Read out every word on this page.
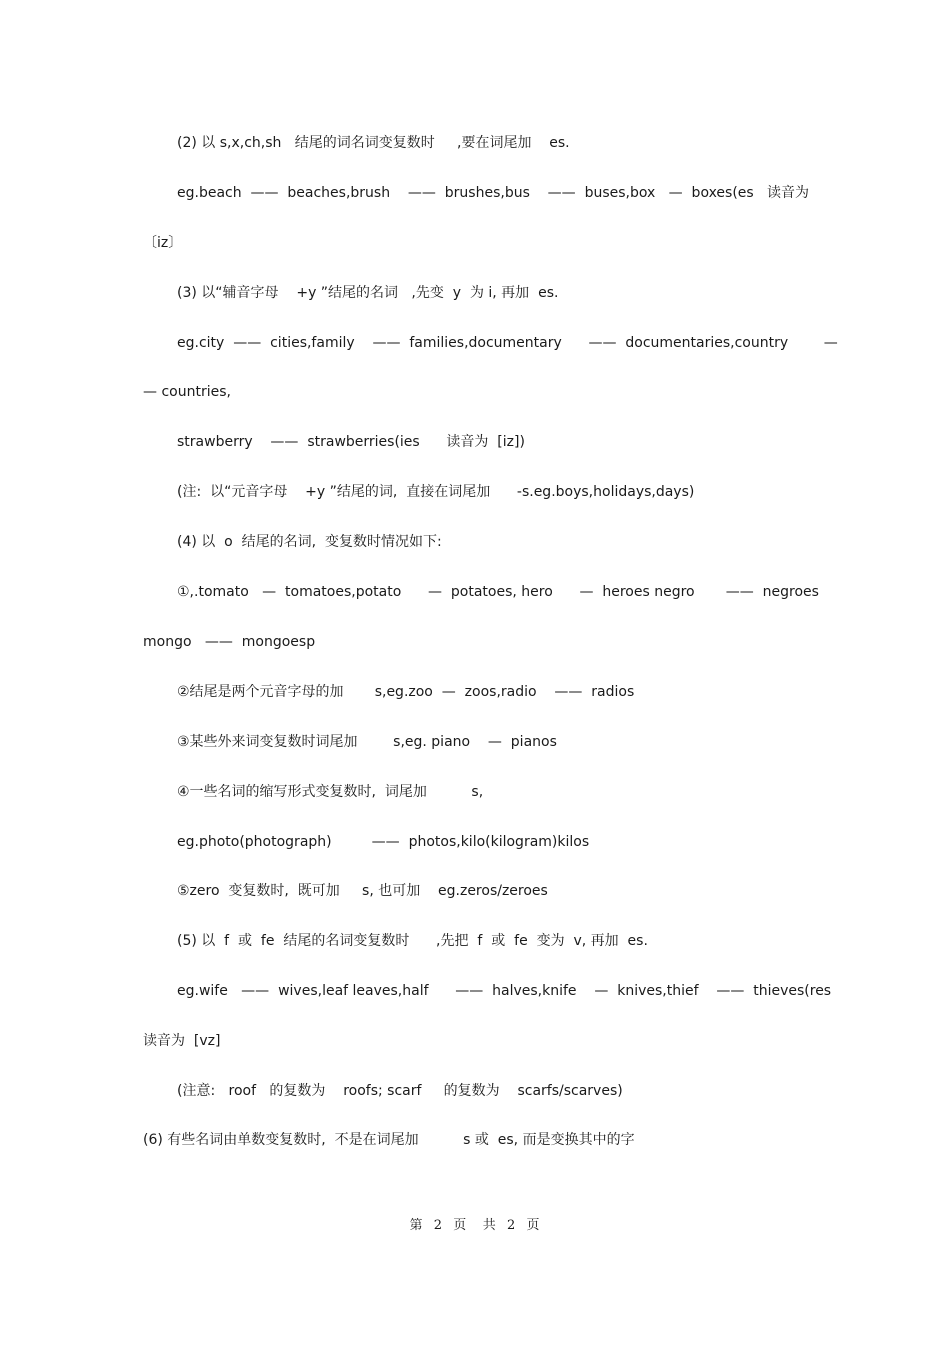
(2) 以 s,x,ch,sh   结尾的词名词变复数时     ,要在词尾加    es.

eg.beach  ——  beaches,brush    ——  brushes,bus    ——  buses,box   —  boxes(es   读音为

〔iz〕

(3) 以“辅音字母    +y ”结尾的名词   ,先变  y  为 i, 再加  es.

eg.city  ——  cities,family    ——  families,documentary      ——  documentaries,country        —

— countries,

strawberry    ——  strawberries(ies      读音为  [iz])

(注:  以“元音字母    +y ”结尾的词,  直接在词尾加      -s.eg.boys,holidays,days)

(4) 以  o  结尾的名词,  变复数时情况如下:

①,.tomato   —  tomatoes,potato      —  potatoes, hero      —  heroes negro       ——  negroes

mongo   ——  mongoesp

②结尾是两个元音字母的加       s,eg.zoo  —  zoos,radio    ——  radios

③某些外来词变复数时词尾加        s,eg. piano    —  pianos

④一些名词的缩写形式变复数时,  词尾加          s,

eg.photo(photograph)         ——  photos,kilo(kilogram)kilos

⑤zero  变复数时,  既可加     s, 也可加    eg.zeros/zeroes

(5) 以  f  或  fe  结尾的名词变复数时      ,先把  f  或  fe  变为  v, 再加  es.

eg.wife   ——  wives,leaf leaves,half      ——  halves,knife    —  knives,thief    ——  thieves(res

读音为  [vz]

(注意:   roof   的复数为    roofs; scarf     的复数为    scarfs/scarves)

(6) 有些名词由单数变复数时,  不是在词尾加          s 或  es, 而是变换其中的字

第  2  页   共  2  页
